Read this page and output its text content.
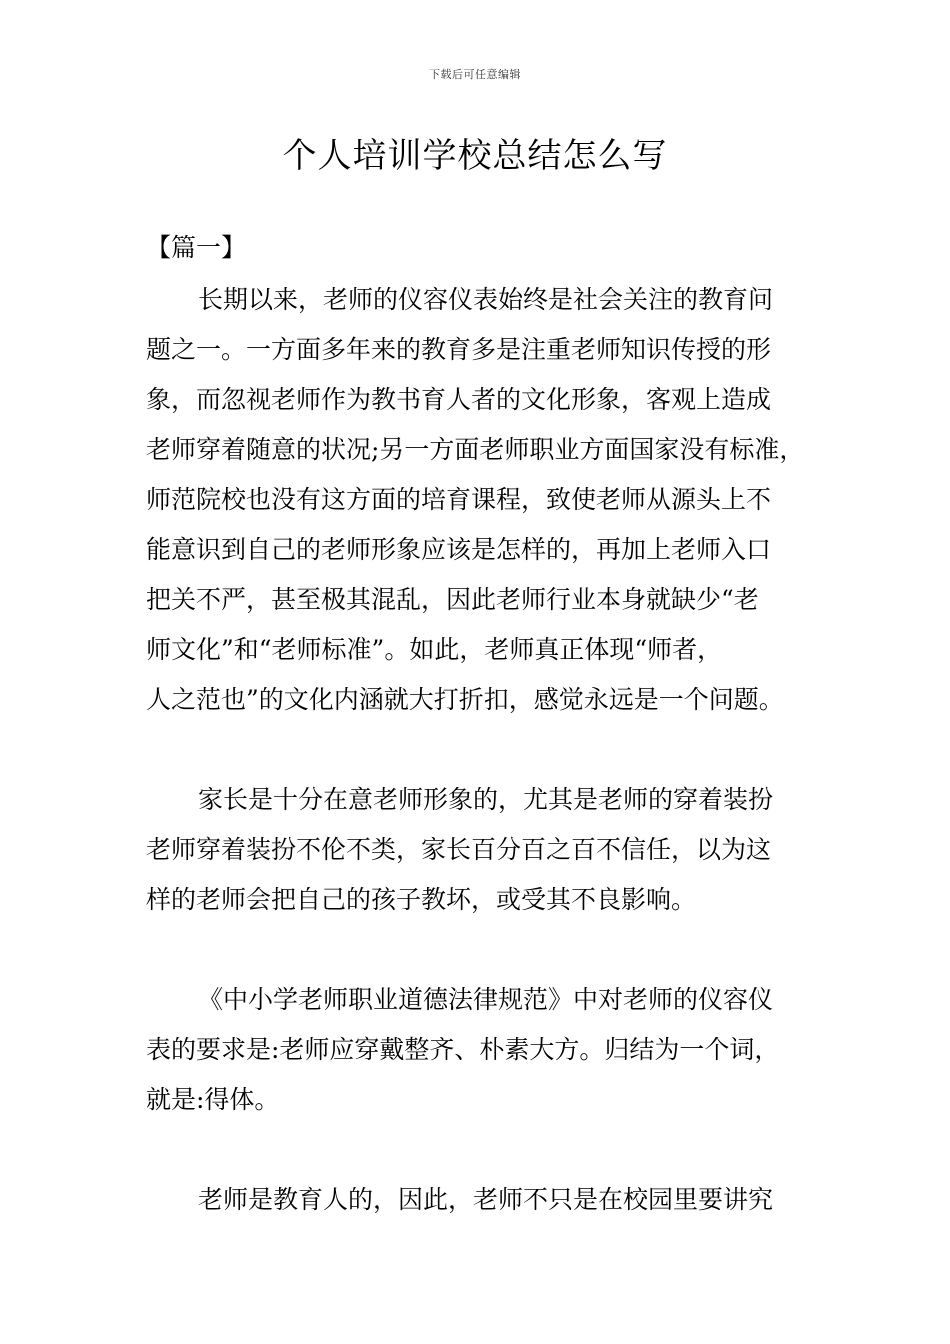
下载后可任意编辑
个人培训学校总结怎么写
【篇一】
长期以来，老师的仪容仪表始终是社会关注的教育问
题之一。一方面多年来的教育多是注重老师知识传授的形
象，而忽视老师作为教书育人者的文化形象，客观上造成
老师穿着随意的状况;另一方面老师职业方面国家没有标准，
师范院校也没有这方面的培育课程，致使老师从源头上不
能意识到自己的老师形象应该是怎样的，再加上老师入口
把关不严，甚至极其混乱，因此老师行业本身就缺少“老
师文化”和“老师标准”。如此，老师真正体现“师者，
人之范也”的文化内涵就大打折扣，感觉永远是一个问题。
家长是十分在意老师形象的，尤其是老师的穿着装扮
老师穿着装扮不伦不类，家长百分百之百不信任，以为这
样的老师会把自己的孩子教坏，或受其不良影响。
《中小学老师职业道德法律规范》中对老师的仪容仪
表的要求是:老师应穿戴整齐、朴素大方。归结为一个词，
就是:得体。
老师是教育人的，因此，老师不只是在校园里要讲究
